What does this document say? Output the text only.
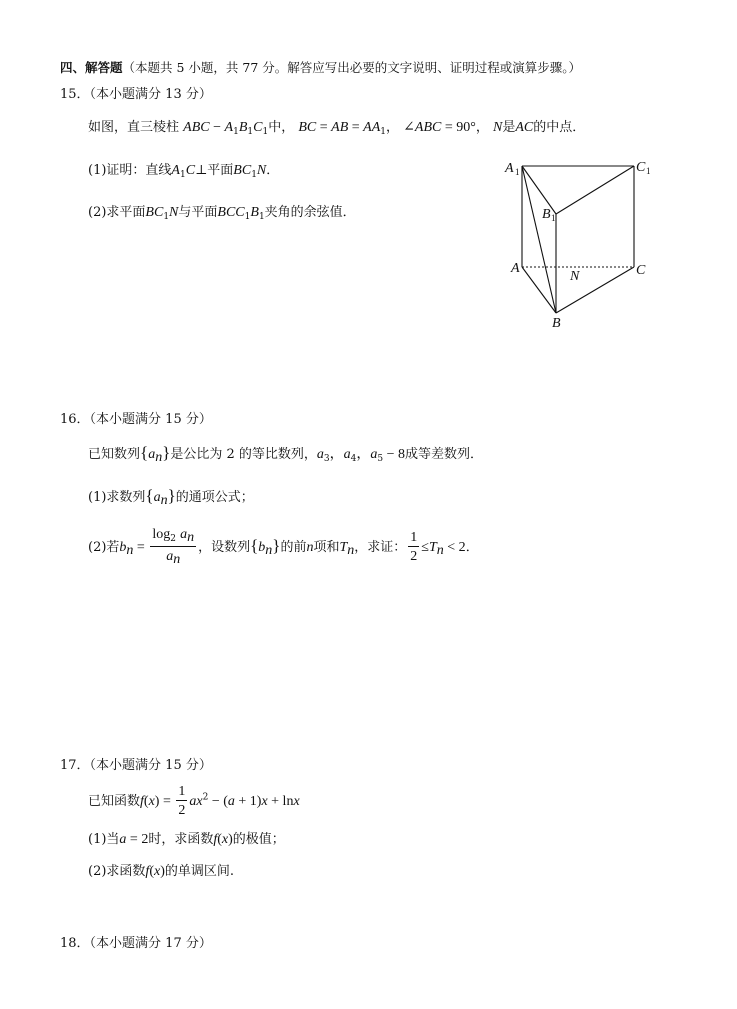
四、解答题（本题共 5 小题，共 77 分。解答应写出必要的文字说明、证明过程或演算步骤。）
15．（本小题满分 13 分）
如图，直三棱柱 ABC − $A_1B_1C_1$中， BC = AB = $AA_1$， ∠ABC = 90°， N是AC的中点．
(1)证明：直线$A_1C\perp$平面$BC_1N$．
(2)求平面$BC_1N$与平面$BCC_1B_1$夹角的余弦值．
A 1	C 1
B 1
A
N	C
B
16．（本小题满分 15 分）
已知数列$\{a_n\}$是公比为 2 的等比数列，$a_3$，$a_4$，$a_5 - 8$成等差数列．
(1)求数列$\{a_n\}$的通项公式；
(2)若$b_n = \frac{\log_2 a_n}{a_n}$ ，设数列$\{b_n\}$的前n项和$T_n$，求证： $\frac{1}{2} \le T_n < 2$．
17．（本小题满分 15 分）
已知函数$f(x) = \frac{1}{2} ax^2 - (a + 1)x + \ln x$
(1)当a = 2时，求函数f(x)的极值；
(2)求函数f(x)的单调区间.
18．（本小题满分 17 分）
